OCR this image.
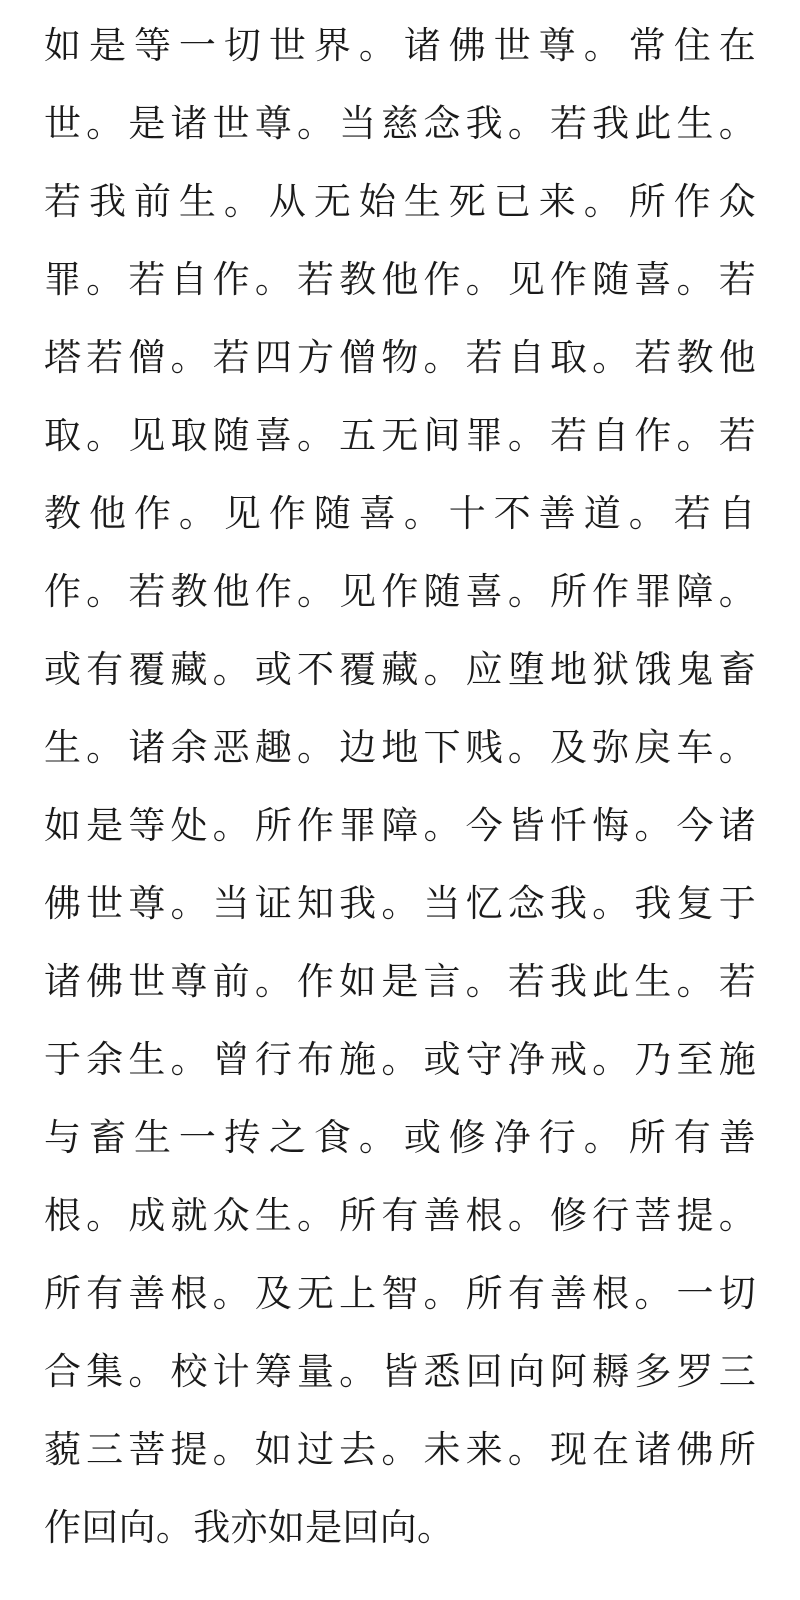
如是等一切世界。诸佛世尊。常住在
世。是诸世尊。当慈念我。若我此生。
若我前生。从无始生死已来。所作众
罪。若自作。若教他作。见作随喜。若
塔若僧。若四方僧物。若自取。若教他
取。见取随喜。五无间罪。若自作。若
教他作。见作随喜。十不善道。若自
作。若教他作。见作随喜。所作罪障。
或有覆藏。或不覆藏。应堕地狱饿鬼畜
生。诸余恶趣。边地下贱。及弥戾车。
如是等处。所作罪障。今皆忏悔。今诸
佛世尊。当证知我。当忆念我。我复于
诸佛世尊前。作如是言。若我此生。若
于余生。曾行布施。或守净戒。乃至施
与畜生一抟之食。或修净行。所有善
根。成就众生。所有善根。修行菩提。
所有善根。及无上智。所有善根。一切
合集。校计筹量。皆悉回向阿耨多罗三
藐三菩提。如过去。未来。现在诸佛所
作回向。我亦如是回向。
